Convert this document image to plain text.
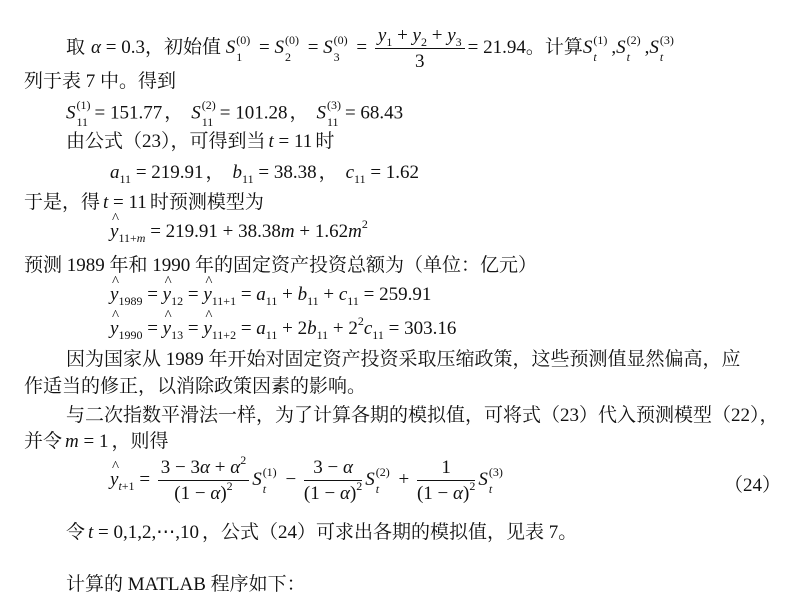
取 α = 0.3，初始值 S (0)
1 = S (0)
2 = S (0)
$3 = \frac{y_1 + y_2 + y_3}{3} = 21.94$。计算S (1)
t ,S (2)
t ,S (3)
t
列于表 7 中。得到
S (1)
11 = 151.77 ， S (2)
11 = 101.28 ， S (3)
11 = 68.43
由公式（23），可得到当 t = 11 时
$a_{11} = 219.91$ ， $b_{11} = 38.38$ ， $c_{11} = 1.62$
于是，得 t = 11 时预测模型为
^ $y_{11+m} = 219.91 + 38.38m + 1.62m^2$
预测 1989 年和 1990 年的固定资产投资总额为（单位：亿元）
^ $y_{1989}$ = ^ $y_{12}$ = ^ $y_{11+1} = a_{11} + b_{11} + c_{11} = 259.91$
^ $y_{1990}$ = ^ $y_{13}$ = ^ $y_{11+2} = a_{11} + 2b_{11} + 2^2c_{11} = 303.16$
因为国家从 1989 年开始对固定资产投资采取压缩政策，这些预测值显然偏高，应
作适当的修正，以消除政策因素的影响。
与二次指数平滑法一样，为了计算各期的模拟值，可将式（23）代入预测模型（22），
并令 m = 1 ，则得
^ $y_{t+1} = \frac{3 - 3\alpha + \alpha^2}{(1 - \alpha)^2}$ S (1)
$t - \frac{3 - \alpha}{(1 - \alpha)^2}$ S (2)
$t + \frac{1}{(1 - \alpha)^2}$ S (3)
t	（24）
令 t = 0,1,2,⋯,10 ，公式（24）可求出各期的模拟值，见表 7。
计算的 MATLAB 程序如下：
